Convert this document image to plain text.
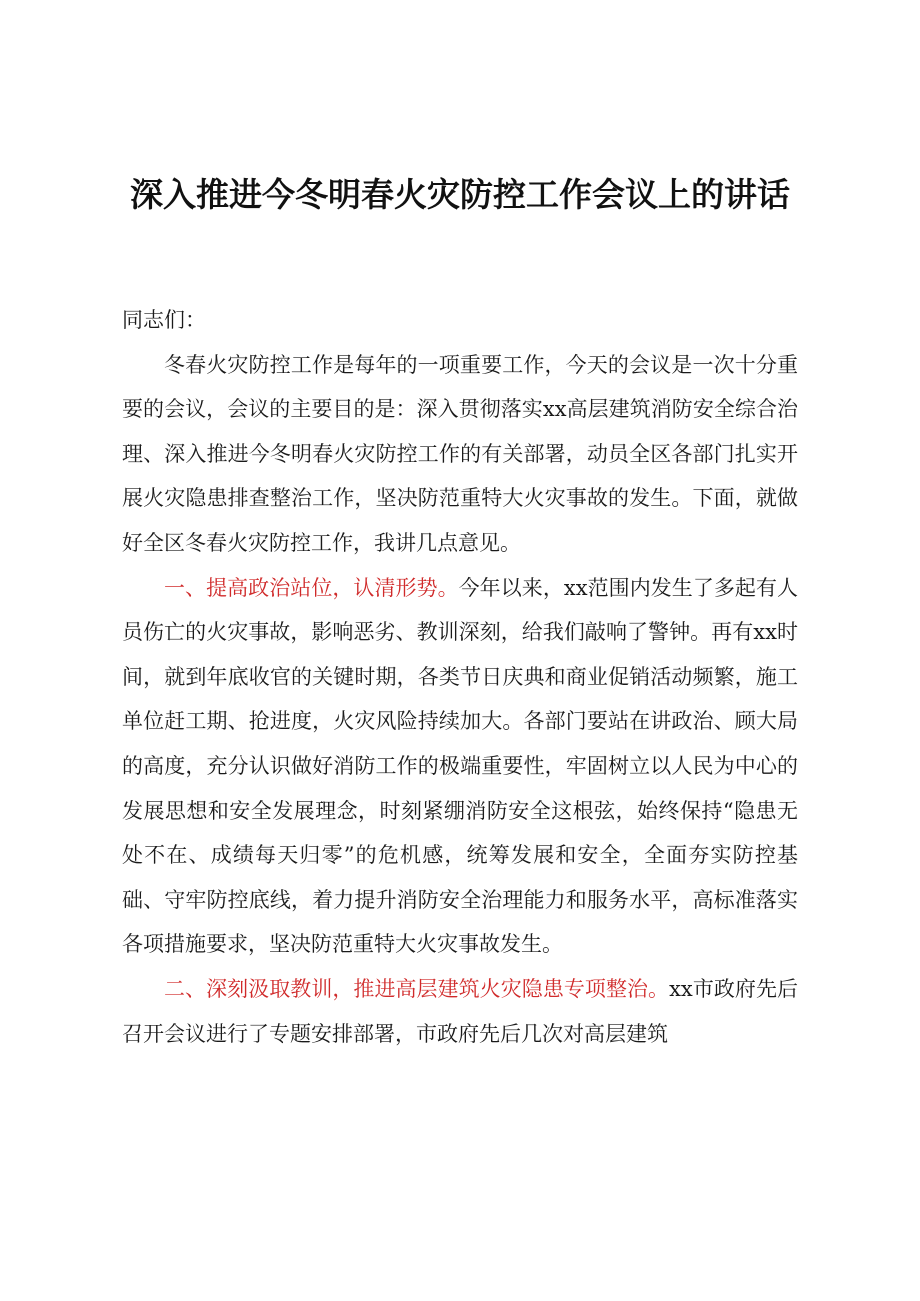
深入推进今冬明春火灾防控工作会议上的讲话

同志们：

冬春火灾防控工作是每年的一项重要工作，今天的会议是一次十分重要的会议，会议的主要目的是：深入贯彻落实xx高层建筑消防安全综合治理、深入推进今冬明春火灾防控工作的有关部署，动员全区各部门扎实开展火灾隐患排查整治工作，坚决防范重特大火灾事故的发生。下面，就做好全区冬春火灾防控工作，我讲几点意见。

一、提高政治站位，认清形势。今年以来，xx范围内发生了多起有人员伤亡的火灾事故，影响恶劣、教训深刻，给我们敲响了警钟。再有xx时间，就到年底收官的关键时期，各类节日庆典和商业促销活动频繁，施工单位赶工期、抢进度，火灾风险持续加大。各部门要站在讲政治、顾大局的高度，充分认识做好消防工作的极端重要性，牢固树立以人民为中心的发展思想和安全发展理念，时刻紧绷消防安全这根弦，始终保持“隐患无处不在、成绩每天归零”的危机感，统筹发展和安全，全面夯实防控基础、守牢防控底线，着力提升消防安全治理能力和服务水平，高标准落实各项措施要求，坚决防范重特大火灾事故发生。

二、深刻汲取教训，推进高层建筑火灾隐患专项整治。xx市政府先后召开会议进行了专题安排部署，市政府先后几次对高层建筑
